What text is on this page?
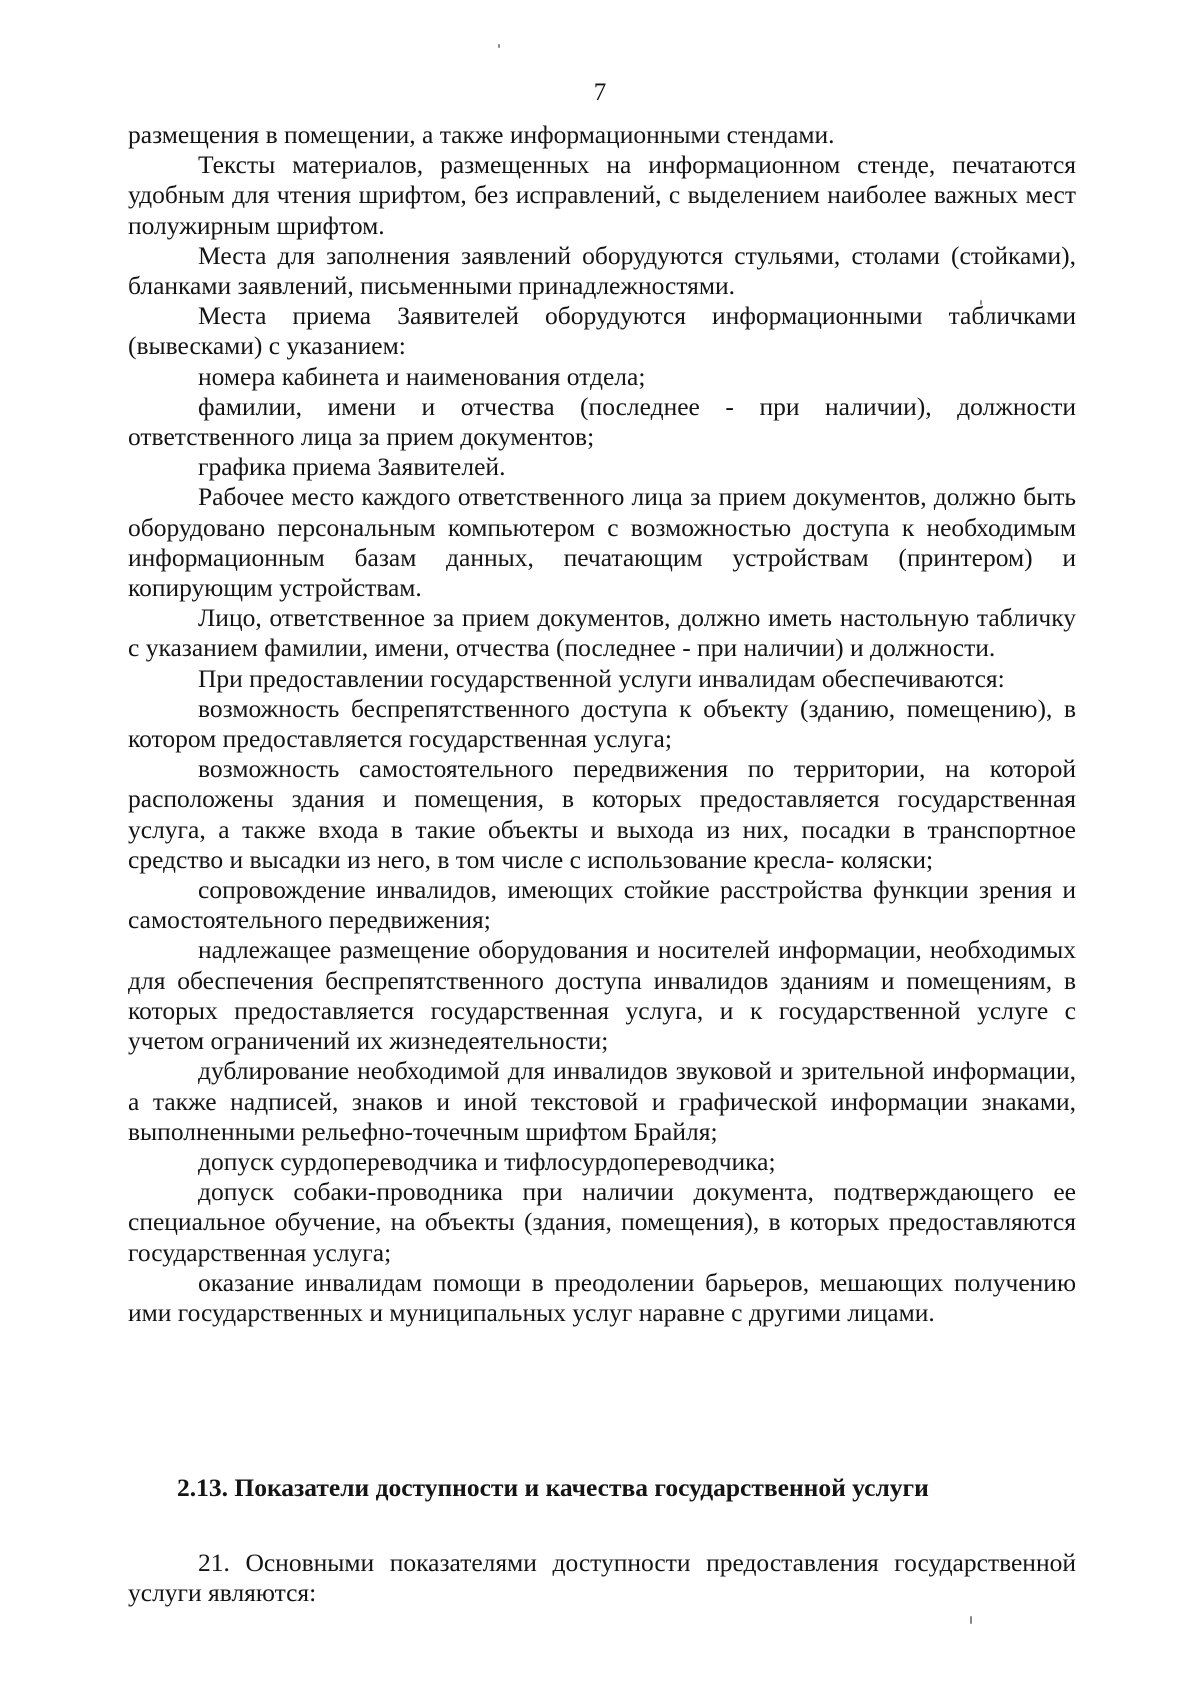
7

размещения в помещении, а также информационными стендами.

Тексты материалов, размещенных на информационном стенде, печатаются удобным для чтения шрифтом, без исправлений, с выделением наиболее важных мест полужирным шрифтом.

Места для заполнения заявлений оборудуются стульями, столами (стойками), бланками заявлений, письменными принадлежностями.

Места приема Заявителей оборудуются информационными табличками (вывесками) с указанием:

номера кабинета и наименования отдела;

фамилии, имени и отчества (последнее - при наличии), должности ответственного лица за прием документов;

графика приема Заявителей.

Рабочее место каждого ответственного лица за прием документов, должно быть оборудовано персональным компьютером с возможностью доступа к необходимым информационным базам данных, печатающим устройствам (принтером) и копирующим устройствам.

Лицо, ответственное за прием документов, должно иметь настольную табличку с указанием фамилии, имени, отчества (последнее - при наличии) и должности.

При предоставлении государственной услуги инвалидам обеспечиваются:

возможность беспрепятственного доступа к объекту (зданию, помещению), в котором предоставляется государственная услуга;

возможность самостоятельного передвижения по территории, на которой расположены здания и помещения, в которых предоставляется государственная услуга, а также входа в такие объекты и выхода из них, посадки в транспортное средство и высадки из него, в том числе с использование кресла- коляски;

сопровождение инвалидов, имеющих стойкие расстройства функции зрения и самостоятельного передвижения;

надлежащее размещение оборудования и носителей информации, необходимых для обеспечения беспрепятственного доступа инвалидов зданиям и помещениям, в которых предоставляется государственная услуга, и к государственной услуге с учетом ограничений их жизнедеятельности;

дублирование необходимой для инвалидов звуковой и зрительной информации, а также надписей, знаков и иной текстовой и графической информации знаками, выполненными рельефно-точечным шрифтом Брайля;

допуск сурдопереводчика и тифлосурдопереводчика;

допуск собаки-проводника при наличии документа, подтверждающего ее специальное обучение, на объекты (здания, помещения), в которых предоставляются государственная услуга;

оказание инвалидам помощи в преодолении барьеров, мешающих получению ими государственных и муниципальных услуг наравне с другими лицами.

2.13. Показатели доступности и качества государственной услуги

21. Основными показателями доступности предоставления государственной услуги являются:
